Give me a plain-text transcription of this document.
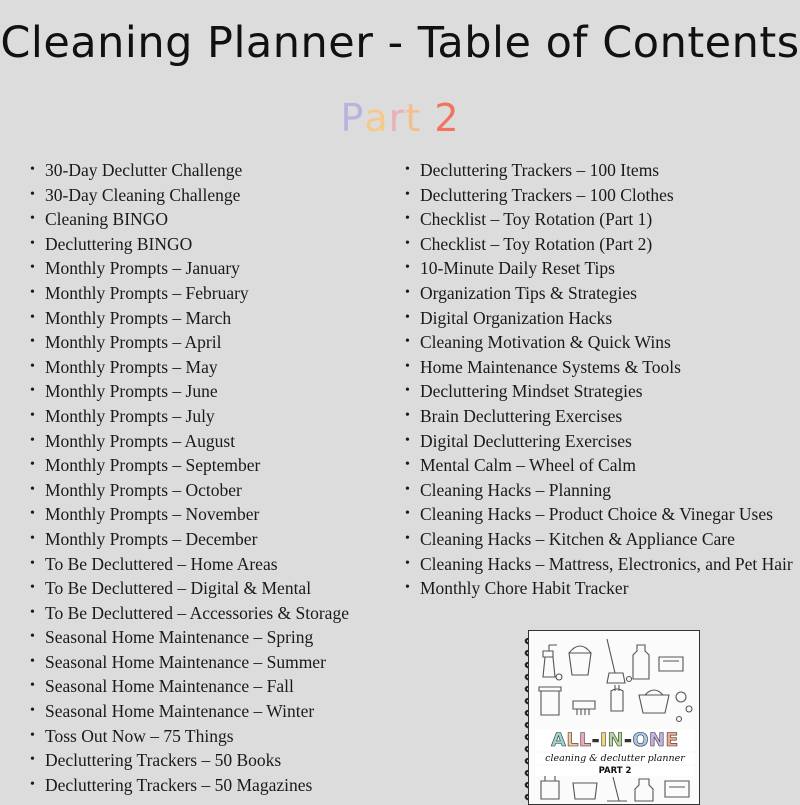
Cleaning Planner - Table of Contents
Part 2
• 30-Day Declutter Challenge
• 30-Day Cleaning Challenge
• Cleaning BINGO
• Decluttering BINGO
• Monthly Prompts – January
• Monthly Prompts – February
• Monthly Prompts – March
• Monthly Prompts – April
• Monthly Prompts – May
• Monthly Prompts – June
• Monthly Prompts – July
• Monthly Prompts – August
• Monthly Prompts – September
• Monthly Prompts – October
• Monthly Prompts – November
• Monthly Prompts – December
• To Be Decluttered – Home Areas
• To Be Decluttered – Digital & Mental
• To Be Decluttered – Accessories & Storage
• Seasonal Home Maintenance – Spring
• Seasonal Home Maintenance – Summer
• Seasonal Home Maintenance – Fall
• Seasonal Home Maintenance – Winter
• Toss Out Now – 75 Things
• Decluttering Trackers – 50 Books
• Decluttering Trackers – 50 Magazines
• Decluttering Trackers – 100 Items
• Decluttering Trackers – 100 Clothes
• Checklist – Toy Rotation (Part 1)
• Checklist – Toy Rotation (Part 2)
• 10-Minute Daily Reset Tips
• Organization Tips & Strategies
• Digital Organization Hacks
• Cleaning Motivation & Quick Wins
• Home Maintenance Systems & Tools
• Decluttering Mindset Strategies
• Brain Decluttering Exercises
• Digital Decluttering Exercises
• Mental Calm – Wheel of Calm
• Cleaning Hacks – Planning
• Cleaning Hacks – Product Choice & Vinegar Uses
• Cleaning Hacks – Kitchen & Appliance Care
• Cleaning Hacks – Mattress, Electronics, and Pet Hair
• Monthly Chore Habit Tracker
ALL-IN-ONE
cleaning & declutter planner
PART 2
